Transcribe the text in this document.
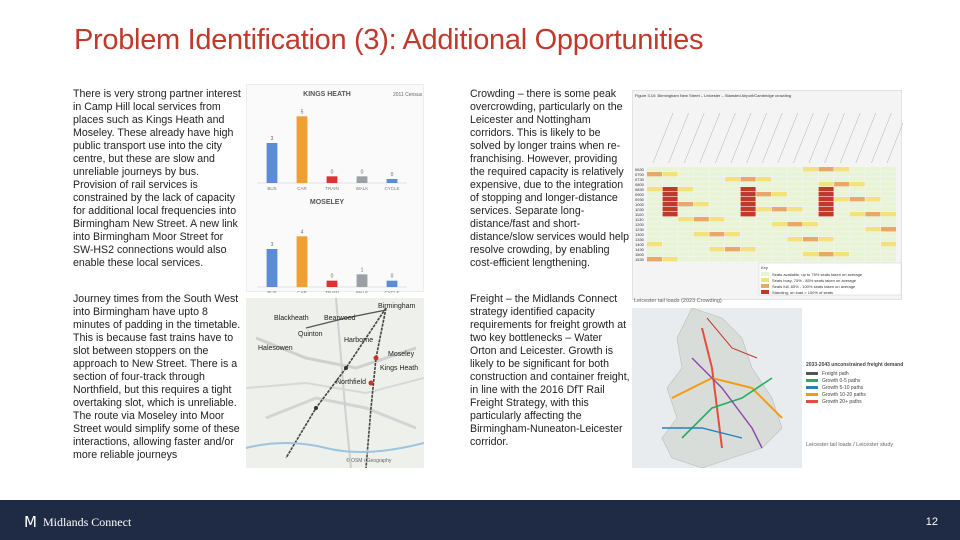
Problem Identification (3): Additional Opportunities
There is very strong partner interest in Camp Hill local services from places such as Kings Heath and Moseley. These already have high public transport use into the city centre, but these are slow and unreliable journeys by bus. Provision of rail services is constrained by the lack of capacity for additional local frequencies into Birmingham New Street. A new link into Birmingham Moor Street for SW-HS2 connections would also enable these local services.
Journey times from the South West into Birmingham have upto 8 minutes of padding in the timetable. This is because fast trains have to slot between stoppers on the approach to New Street. There is a section of four-track through Northfield, but this requires a tight overtaking slot, which is unreliable. The route via Moseley into Moor Street would simplify some of these interactions, allowing faster and/or more reliable journeys
Crowding – there is some peak overcrowding, particularly on the Leicester and Nottingham corridors. This is likely to be solved by longer trains when re-franchising. However, providing the required capacity is relatively expensive, due to the integration of stopping and longer-distance services. Separate long-distance/fast and short-distance/slow services would help resolve crowding, by enabling cost-efficient lengthening.
Freight – the Midlands Connect strategy identified capacity requirements for freight growth at two key bottlenecks – Water Orton and Leicester. Growth is likely to be significant for both construction and container freight, in line with the 2016 DfT Rail Freight Strategy, with this particularly affecting the Birmingham-Nuneaton-Leicester corridor.
2011 Census
KINGS HEATH
MOSELEY
3
BUS
5
CAR
0
TRAIN
0
WALK
0
CYCLE
3
BUS
4
CAR
0
TRAIN
1
WALK
0
CYCLE
Birmingham
Bearwood
Blackheath
Quinton
Harborne
Halesowen
Moseley
Kings Heath
Northfield
© OSM / Geography
Figure 3.10: Birmingham New Street – Leicester – Stansted Airport/Cambridge crowding
0630
0700
0730
0800
0830
0900
0930
1000
1030
1100
1130
1200
1230
1300
1330
1400
1430
1500
1530
Key
Seats available, up to 75% seats taken on average
Seats busy, 75% - 85% seats taken on average
Seats full, 85% - 100% seats taken on average
Standing, on load > 100% of seats
Leicester tail loads (2023 Crowding)
2033-2043 unconstrained freight demand
Freight path
Growth 0-5 paths
Growth 5-10 paths
Growth 10-20 paths
Growth 20+ paths
Leicester tail loads / Leicester study
M Midlands Connect	12
